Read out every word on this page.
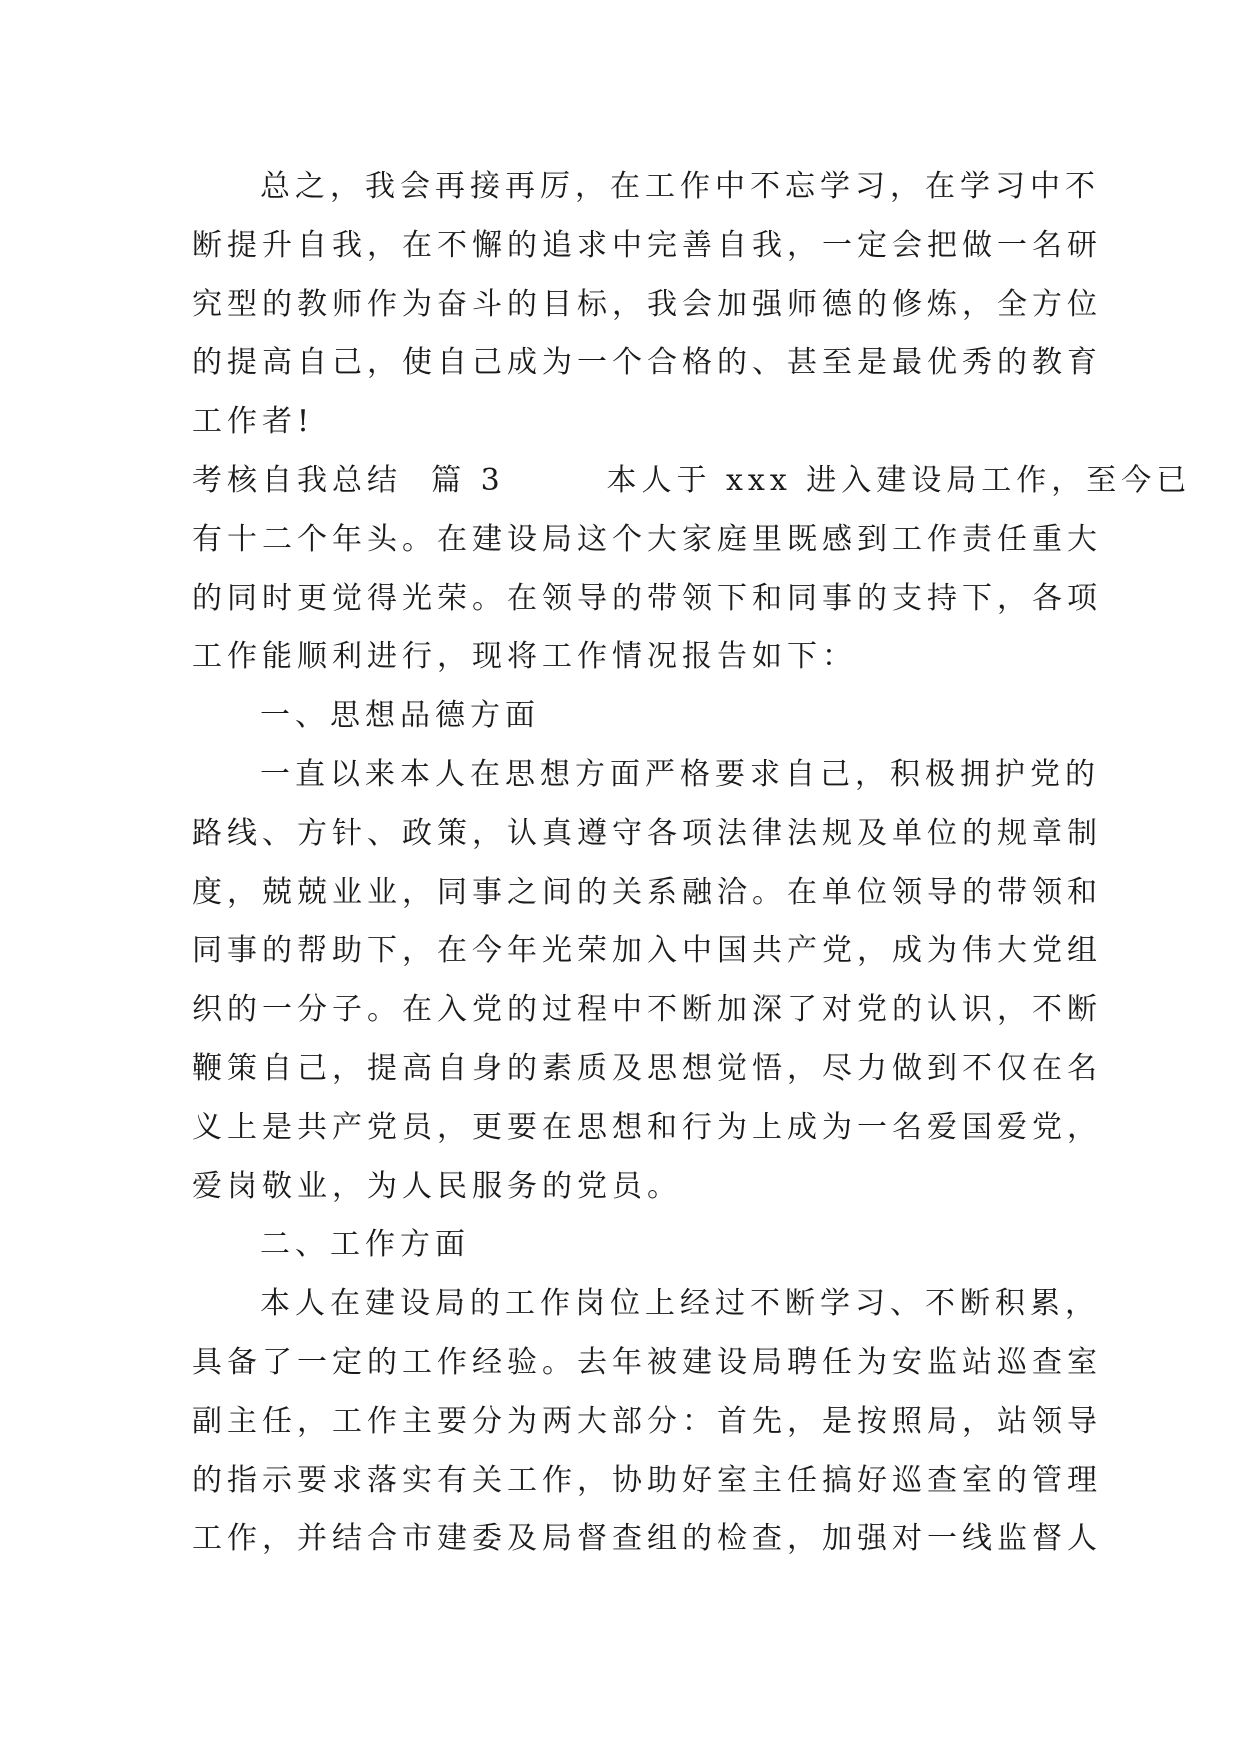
总之，我会再接再厉，在工作中不忘学习，在学习中不
断提升自我，在不懈的追求中完善自我，一定会把做一名研
究型的教师作为奋斗的目标，我会加强师德的修炼，全方位
的提高自己，使自己成为一个合格的、甚至是最优秀的教育
工作者!
考核自我总结  篇 3       本人于 xxx 进入建设局工作，至今已
有十二个年头。在建设局这个大家庭里既感到工作责任重大
的同时更觉得光荣。在领导的带领下和同事的支持下，各项
工作能顺利进行，现将工作情况报告如下：
一、思想品德方面
一直以来本人在思想方面严格要求自己，积极拥护党的
路线、方针、政策，认真遵守各项法律法规及单位的规章制
度，兢兢业业，同事之间的关系融洽。在单位领导的带领和
同事的帮助下，在今年光荣加入中国共产党，成为伟大党组
织的一分子。在入党的过程中不断加深了对党的认识，不断
鞭策自己，提高自身的素质及思想觉悟，尽力做到不仅在名
义上是共产党员，更要在思想和行为上成为一名爱国爱党，
爱岗敬业，为人民服务的党员。
二、工作方面
本人在建设局的工作岗位上经过不断学习、不断积累，
具备了一定的工作经验。去年被建设局聘任为安监站巡查室
副主任，工作主要分为两大部分：首先，是按照局，站领导
的指示要求落实有关工作，协助好室主任搞好巡查室的管理
工作，并结合市建委及局督查组的检查，加强对一线监督人
